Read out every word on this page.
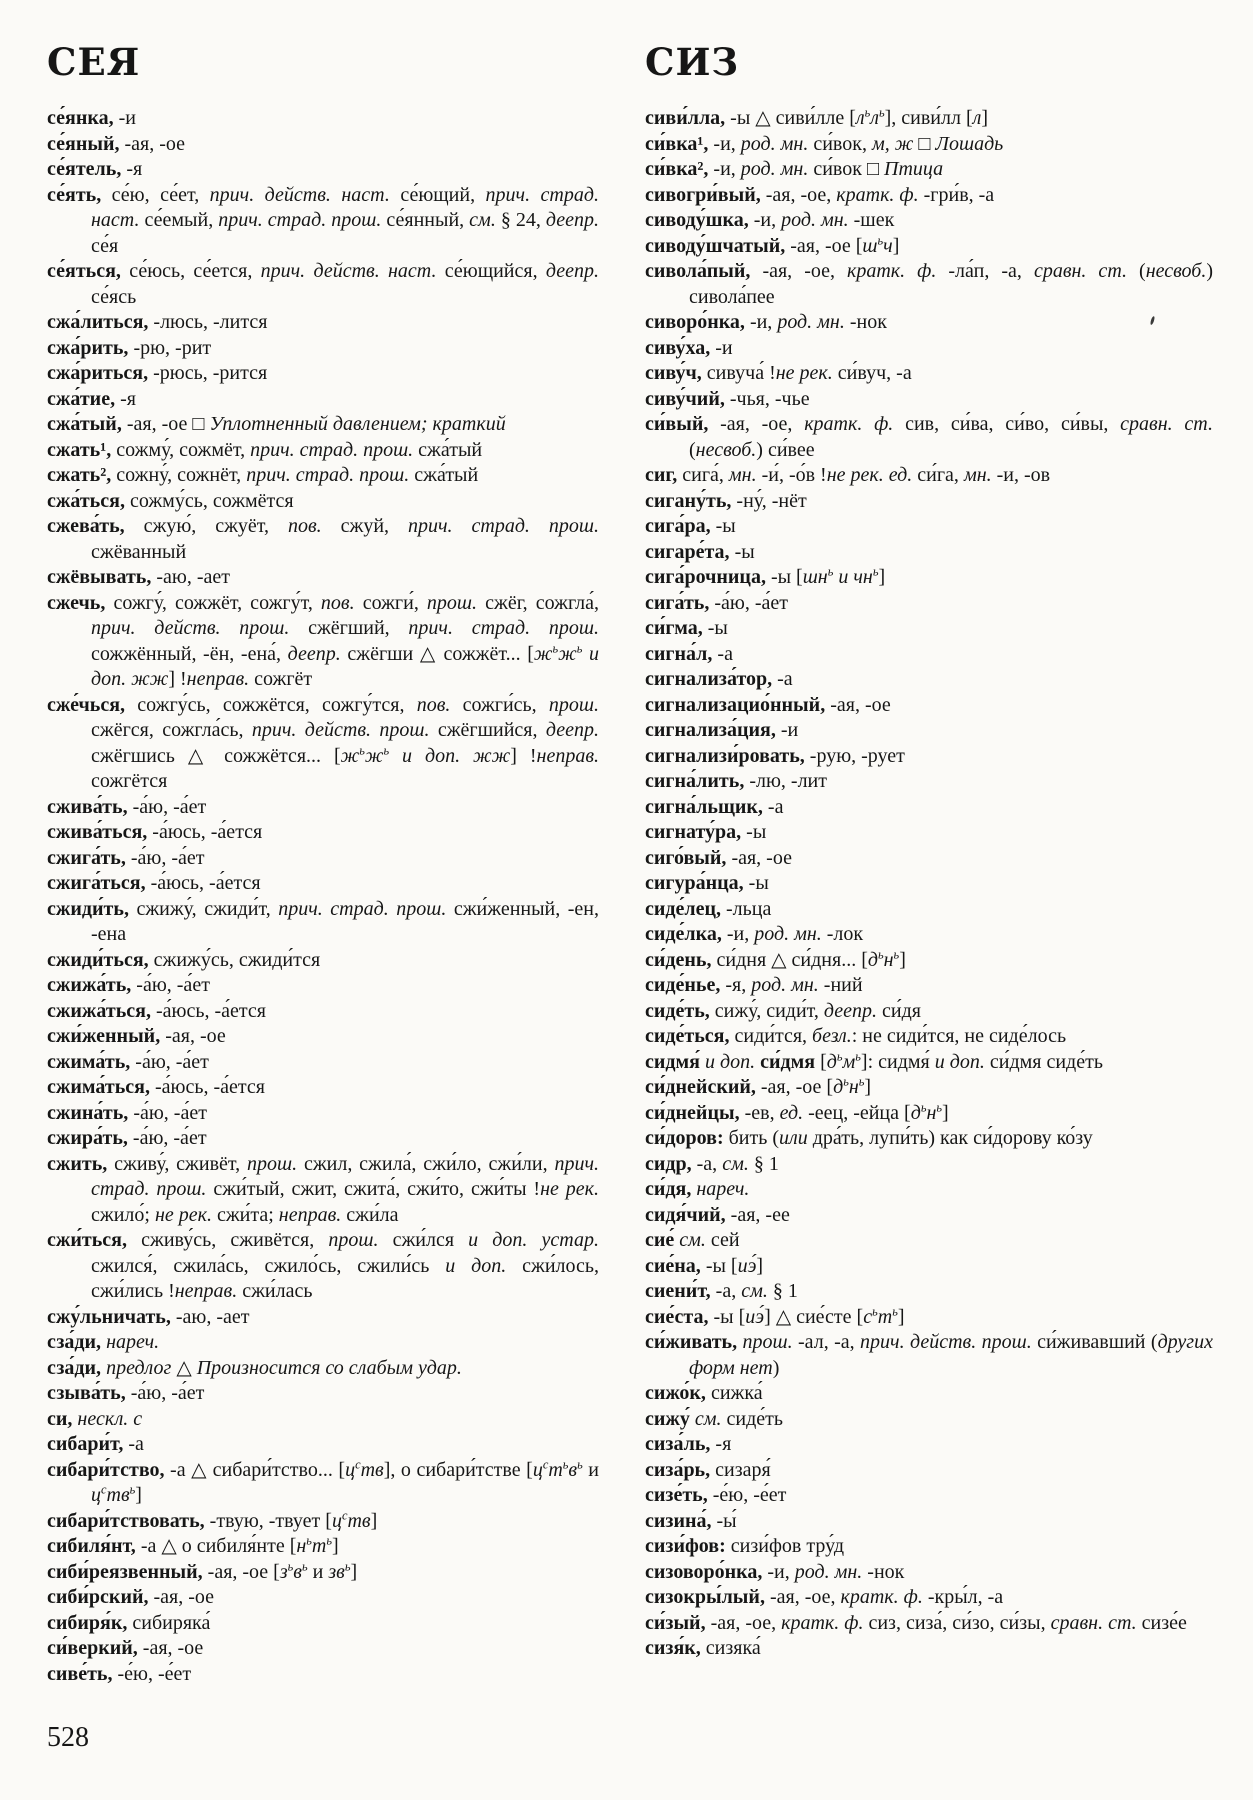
СЕЯ

се́янка, -и

се́яный, -ая, -ое

се́ятель, -я

се́ять, се́ю, се́ет, прич. действ. наст. се́ющий, прич. страд. наст. се́емый, прич. страд. прош. се́янный, см. § 24, деепр. се́я

се́яться, се́юсь, се́ется, прич. действ. наст. се́ющийся, деепр. се́ясь

сжа́литься, -люсь, -лится

сжа́рить, -рю, -рит

сжа́риться, -рюсь, -рится

сжа́тие, -я

сжа́тый, -ая, -ое □ Уплотненный давлением; краткий

сжать¹, сожму́, сожмёт, прич. страд. прош. сжа́тый

сжать², сожну́, сожнёт, прич. страд. прош. сжа́тый

сжа́ться, сожму́сь, сожмётся

сжева́ть, сжую́, сжуёт, пов. сжуй, прич. страд. прош. сжёванный

сжёвывать, -аю, -ает

сжечь, сожгу́, сожжёт, сожгу́т, пов. сожги́, прош. сжёг, сожгла́, прич. действ. прош. сжёгший, прич. страд. прош. сожжённый, -ён, -ена́, деепр. сжёгши △ сожжёт... [$ж^ьж^ь$ и доп. жж] !неправ. сожгёт

сже́чься, сожгу́сь, сожжётся, сожгу́тся, пов. сожги́сь, прош. сжёгся, сожгла́сь, прич. действ. прош. сжёгшийся, деепр. сжёгшись △ сожжётся... [$ж^ьж^ь$ и доп. жж] !неправ. сожгётся

сжива́ть, -а́ю, -а́ет

сжива́ться, -а́юсь, -а́ется

сжига́ть, -а́ю, -а́ет

сжига́ться, -а́юсь, -а́ется

сжиди́ть, сжижу́, сжиди́т, прич. страд. прош. сжи́женный, -ен, -ена

сжиди́ться, сжижу́сь, сжиди́тся

сжижа́ть, -а́ю, -а́ет

сжижа́ться, -а́юсь, -а́ется

сжи́женный, -ая, -ое

сжима́ть, -а́ю, -а́ет

сжима́ться, -а́юсь, -а́ется

сжина́ть, -а́ю, -а́ет

сжира́ть, -а́ю, -а́ет

сжить, сживу́, сживёт, прош. сжил, сжила́, сжи́ло, сжи́ли, прич. страд. прош. сжи́тый, сжит, сжита́, сжи́то, сжи́ты !не рек. сжило́; не рек. сжи́та; неправ. сжи́ла

сжи́ться, сживу́сь, сживётся, прош. сжи́лся и доп. устар. сжился́, сжила́сь, сжило́сь, сжили́сь и доп. сжи́лось, сжи́лись !неправ. сжи́лась

сжу́льничать, -аю, -ает

сза́ди, нареч.

сза́ди, предлог △ Произносится со слабым удар.

сзыва́ть, -а́ю, -а́ет

си, нескл. с

сибари́т, -а

сибари́тство, -а △ сибари́тство... $[ц^ств]$, о сибари́тстве [$ц^ст^ьв^ь$ и $ц^ств^ь$]

сибари́тствовать, -твую, -твует $[ц^ств]$

сибиля́нт, -а △ о сибиля́нте $[н^ьт^ь]$

сиби́реязвенный, -ая, -ое [$з^ьв^ь$ и $зв^ь$]

сиби́рский, -ая, -ое

сибиря́к, сибиряка́

си́веркий, -ая, -ое

сиве́ть, -е́ю, -е́ет

СИЗ

сиви́лла, -ы △ сиви́лле $[л^ьл^ь]$, сиви́лл [л]

си́вка¹, -и, род. мн. си́вок, м, ж □ Лошадь

си́вка², -и, род. мн. си́вок □ Птица

сивогри́вый, -ая, -ое, кратк. ф. -гри́в, -а

сиводу́шка, -и, род. мн. -шек

сиводу́шчатый, -ая, -ое $[ш^ьч]$

сивола́пый, -ая, -ое, кратк. ф. -ла́п, -а, сравн. ст. (несвоб.) сивола́пее

сиворо́нка, -и, род. мн. -нок

сиву́ха, -и

сиву́ч, сивуча́ !не рек. си́вуч, -а

сиву́чий, -чья, -чье

си́вый, -ая, -ое, кратк. ф. сив, си́ва, си́во, си́вы, сравн. ст. (несвоб.) си́вее

сиг, сига́, мн. -и́, -о́в !не рек. ед. си́га, мн. -и, -ов

сигану́ть, -ну́, -нёт

сига́ра, -ы

сигаре́та, -ы

сига́рочница, -ы [$шн^ь$ и $чн^ь$]

сига́ть, -а́ю, -а́ет

си́гма, -ы

сигна́л, -а

сигнализа́тор, -а

сигнализацио́нный, -ая, -ое

сигнализа́ция, -и

сигнализи́ровать, -рую, -рует

сигна́лить, -лю, -лит

сигна́льщик, -а

сигнату́ра, -ы

сиго́вый, -ая, -ое

сигура́нца, -ы

сиде́лец, -льца

сиде́лка, -и, род. мн. -лок

си́день, си́дня △ си́дня... $[д^ьн^ь]$

сиде́нье, -я, род. мн. -ний

сиде́ть, сижу́, сиди́т, деепр. си́дя

сиде́ться, сиди́тся, безл.: не сиди́тся, не сиде́лось

сидмя́ и доп. си́дмя $[д^ьм^ь]$: сидмя́ и доп. си́дмя сиде́ть

си́днейский, -ая, -ое $[д^ьн^ь]$

си́днейцы, -ев, ед. -еец, -ейца $[д^ьн^ь]$

си́доров: бить (или дра́ть, лупи́ть) как си́дорову ко́зу

сидр, -а, см. § 1

си́дя, нареч.

сидя́чий, -ая, -ее

сие́ см. сей

сие́на, -ы [иэ́]

сиени́т, -а, см. § 1

сие́ста, -ы [иэ́] △ сие́сте $[с^ьт^ь]$

си́живать, прош. -ал, -а, прич. действ. прош. си́живавший (других форм нет)

сижо́к, сижка́

сижу́ см. сиде́ть

сиза́ль, -я

сиза́рь, сизаря́

сизе́ть, -е́ю, -е́ет

сизина́, -ы́

сизи́фов: сизи́фов тру́д

сизоворо́нка, -и, род. мн. -нок

сизокры́лый, -ая, -ое, кратк. ф. -кры́л, -а

си́зый, -ая, -ое, кратк. ф. сиз, сиза́, си́зо, си́зы, сравн. ст. сизе́е

сизя́к, сизяка́

528
